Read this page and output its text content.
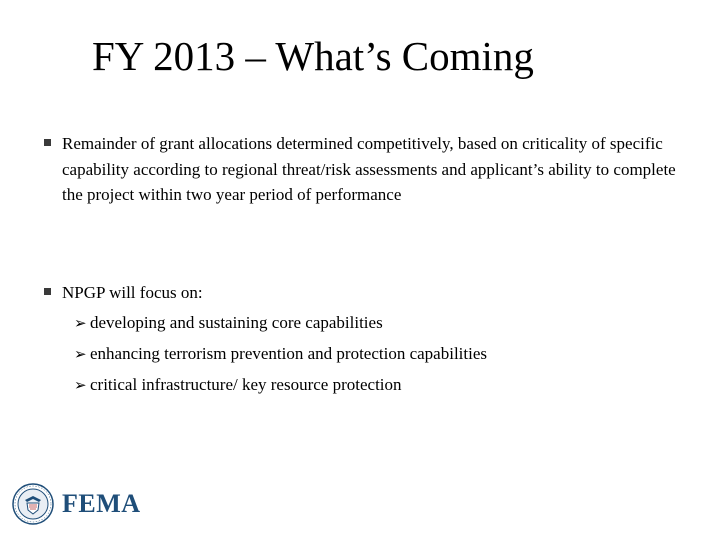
FY 2013 – What’s Coming
Remainder of grant allocations determined competitively, based on criticality of specific capability according to regional threat/risk assessments and applicant’s ability to complete the project within two year period of performance
NPGP will focus on:
➢ developing and sustaining core capabilities
➢ enhancing terrorism prevention and protection capabilities
➢ critical infrastructure/ key resource protection
FEMA
